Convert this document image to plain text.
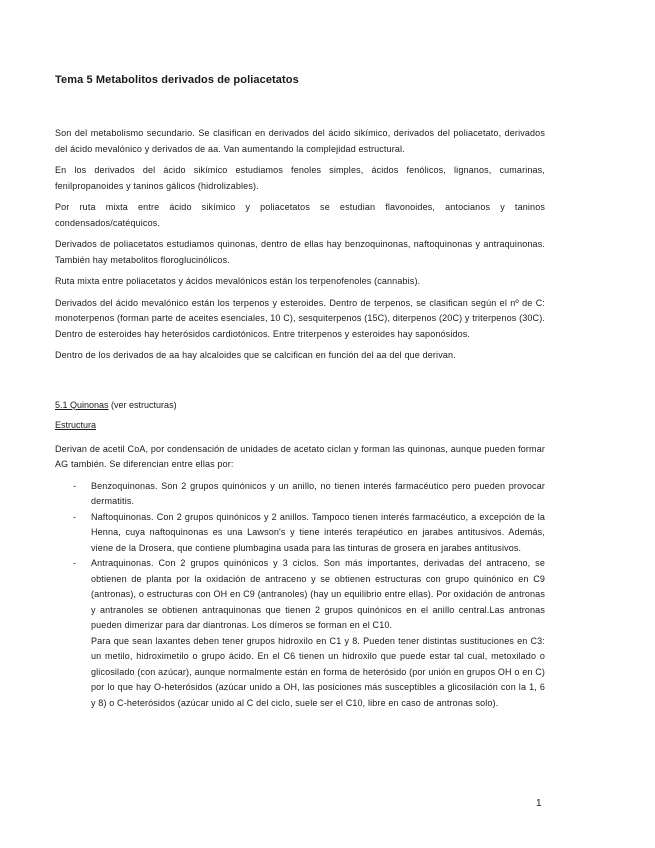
Tema 5 Metabolitos derivados de poliacetatos

Son del metabolismo secundario. Se clasifican en derivados del ácido sikímico, derivados del poliacetato, derivados del ácido mevalónico y derivados de aa. Van aumentando la complejidad estructural.

En los derivados del ácido sikímico estudiamos fenoles simples, ácidos fenólicos, lignanos, cumarinas, fenilpropanoides y taninos gálicos (hidrolizables).

Por ruta mixta entre ácido sikímico y poliacetatos se estudian flavonoides, antocianos y taninos condensados/catéquicos.

Derivados de poliacetatos estudiamos quinonas, dentro de ellas hay benzoquinonas, naftoquinonas y antraquinonas. También hay metabolitos floroglucinólicos.

Ruta mixta entre poliacetatos y ácidos mevalónicos están los terpenofenoles (cannabis).

Derivados del ácido mevalónico están los terpenos y esteroides. Dentro de terpenos, se clasifican según el nº de C: monoterpenos (forman parte de aceites esenciales, 10 C), sesquiterpenos (15C), diterpenos (20C) y triterpenos (30C). Dentro de esteroides hay heterósidos cardiotónicos. Entre triterpenos y esteroides hay saponósidos.

Dentro de los derivados de aa hay alcaloides que se calcifican en función del aa del que derivan.

5.1 Quinonas (ver estructuras)
Estructura

Derivan de acetil CoA, por condensación de unidades de acetato ciclan y forman las quinonas, aunque pueden formar AG también. Se diferencian entre ellas por:

- Benzoquinonas. Son 2 grupos quinónicos y un anillo, no tienen interés farmacéutico pero pueden provocar dermatitis.
- Naftoquinonas. Con 2 grupos quinónicos y 2 anillos. Tampoco tienen interés farmacéutico, a excepción de la Henna, cuya naftoquinonas es una Lawson's y tiene interés terapéutico en jarabes antitusivos. Además, viene de la Drosera, que contiene plumbagina usada para las tinturas de grosera en jarabes antitusivos.
- Antraquinonas. Con 2 grupos quinónicos y 3 ciclos. Son más importantes, derivadas del antraceno, se obtienen de planta por la oxidación de antraceno y se obtienen estructuras con grupo quinónico en C9 (antronas), o estructuras con OH en C9 (antranoles) (hay un equilibrio entre ellas). Por oxidación de antronas y antranoles se obtienen antraquinonas que tienen 2 grupos quinónicos en el anillo central.Las antronas pueden dimerizar para dar diantronas. Los dímeros se forman en el C10.
Para que sean laxantes deben tener grupos hidroxilo en C1 y 8. Pueden tener distintas sustituciones en C3: un metilo, hidroximetilo o grupo ácido. En el C6 tienen un hidroxilo que puede estar tal cual, metoxilado o glicosilado (con azúcar), aunque normalmente están en forma de heterósido (por unión en grupos OH o en C) por lo que hay O-heterósidos (azúcar unido a OH, las posiciones más susceptibles a glicosilación con la 1, 6 y 8) o C-heterósidos (azúcar unido al C del ciclo, suele ser el C10, libre en caso de antronas solo).
1
